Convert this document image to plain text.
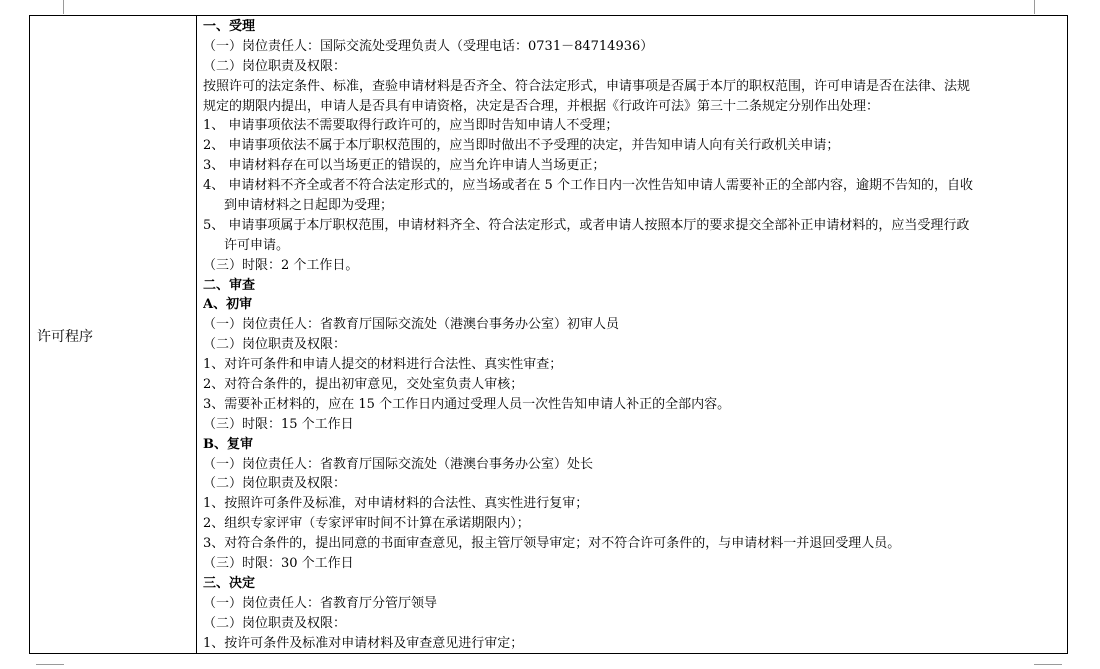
许可程序
一、受理
（一）岗位责任人：国际交流处受理负责人（受理电话：0731－84714936）
（二）岗位职责及权限：
按照许可的法定条件、标准，查验申请材料是否齐全、符合法定形式，申请事项是否属于本厅的职权范围，许可申请是否在法律、法规
规定的期限内提出，申请人是否具有申请资格，决定是否合理，并根据《行政许可法》第三十二条规定分别作出处理：
1、 申请事项依法不需要取得行政许可的，应当即时告知申请人不受理；
2、 申请事项依法不属于本厅职权范围的，应当即时做出不予受理的决定，并告知申请人向有关行政机关申请；
3、 申请材料存在可以当场更正的错误的，应当允许申请人当场更正；
4、 申请材料不齐全或者不符合法定形式的，应当场或者在 5 个工作日内一次性告知申请人需要补正的全部内容，逾期不告知的，自收
到申请材料之日起即为受理；
5、 申请事项属于本厅职权范围，申请材料齐全、符合法定形式，或者申请人按照本厅的要求提交全部补正申请材料的，应当受理行政
许可申请。
（三）时限：2 个工作日。
二、审查
A、初审
（一）岗位责任人：省教育厅国际交流处（港澳台事务办公室）初审人员
（二）岗位职责及权限：
1、对许可条件和申请人提交的材料进行合法性、真实性审查；
2、对符合条件的，提出初审意见，交处室负责人审核；
3、需要补正材料的，应在 15 个工作日内通过受理人员一次性告知申请人补正的全部内容。
（三）时限：15 个工作日
B、复审
（一）岗位责任人：省教育厅国际交流处（港澳台事务办公室）处长
（二）岗位职责及权限：
1、按照许可条件及标准，对申请材料的合法性、真实性进行复审；
2、组织专家评审（专家评审时间不计算在承诺期限内）；
3、对符合条件的，提出同意的书面审查意见，报主管厅领导审定；对不符合许可条件的，与申请材料一并退回受理人员。
（三）时限：30 个工作日
三、决定
（一）岗位责任人：省教育厅分管厅领导
（二）岗位职责及权限：
1、按许可条件及标准对申请材料及审查意见进行审定；
